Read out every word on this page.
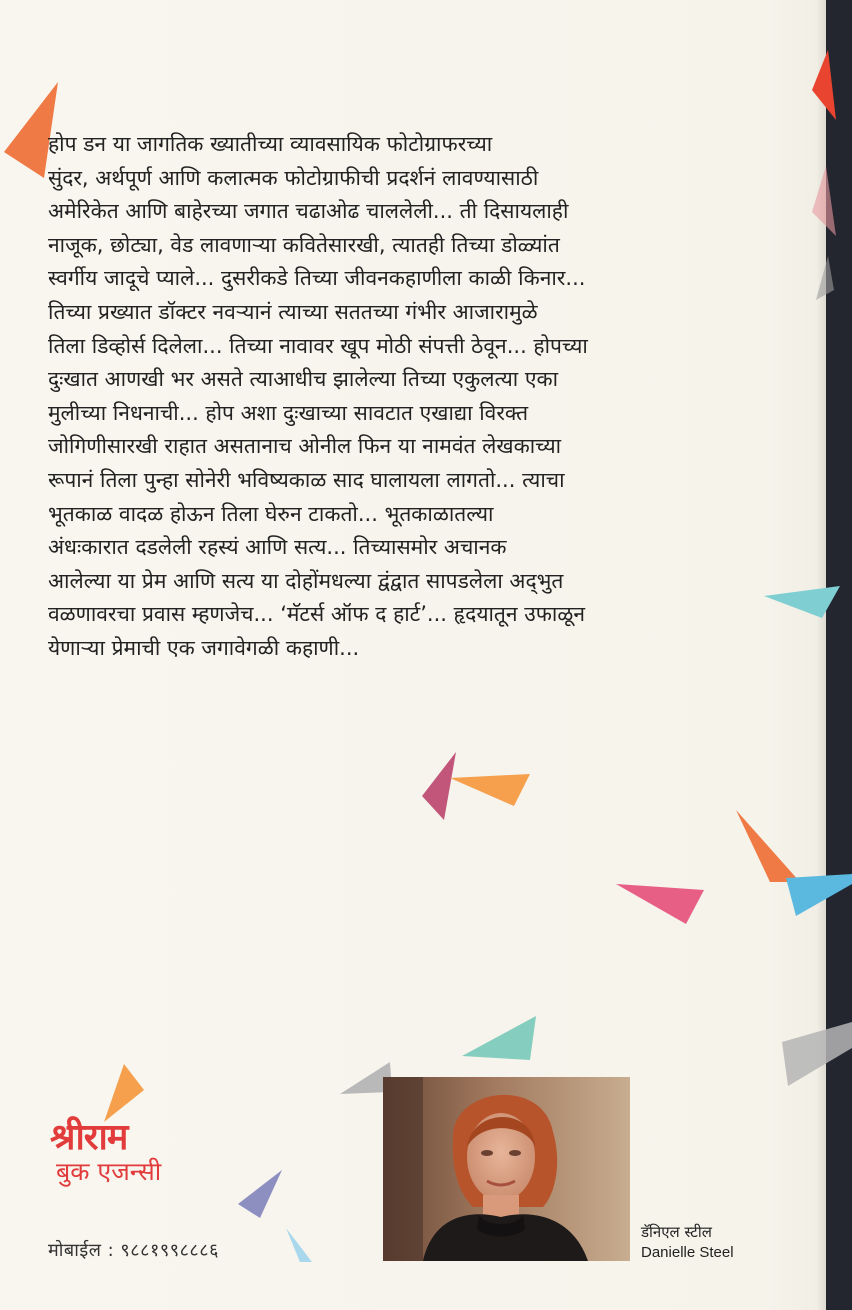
होप डन या जागतिक ख्यातीच्या व्यावसायिक फोटोग्राफरच्या
सुंदर, अर्थपूर्ण आणि कलात्मक फोटोग्राफीची प्रदर्शनं लावण्यासाठी
अमेरिकेत आणि बाहेरच्या जगात चढाओढ चाललेली... ती दिसायलाही
नाजूक, छोट्या, वेड लावणाऱ्या कवितेसारखी, त्यातही तिच्या डोळ्यांत
स्वर्गीय जादूचे प्याले... दुसरीकडे तिच्या जीवनकहाणीला काळी किनार...
तिच्या प्रख्यात डॉक्टर नवऱ्यानं त्याच्या सततच्या गंभीर आजारामुळे
तिला डिव्होर्स दिलेला... तिच्या नावावर खूप मोठी संपत्ती ठेवून... होपच्या
दुःखात आणखी भर असते त्याआधीच झालेल्या तिच्या एकुलत्या एका
मुलीच्या निधनाची... होप अशा दुःखाच्या सावटात एखाद्या विरक्त
जोगिणीसारखी राहात असतानाच ओनील फिन या नामवंत लेखकाच्या
रूपानं तिला पुन्हा सोनेरी भविष्यकाळ साद घालायला लागतो... त्याचा
भूतकाळ वादळ होऊन तिला घेरुन टाकतो... भूतकाळातल्या
अंधःकारात दडलेली रहस्यं आणि सत्य... तिच्यासमोर अचानक
आलेल्या या प्रेम आणि सत्य या दोहोंमधल्या द्वंद्वात सापडलेला अद्‌भुत
वळणावरचा प्रवास म्हणजेच... ‘मॅटर्स ऑफ द हार्ट’... हृदयातून उफाळून
येणाऱ्या प्रेमाची एक जगावेगळी कहाणी...
श्रीराम
बुक एजन्सी
मोबाईल : ९८८१९९८८८६
डॅनिएल स्टील
Danielle Steel
